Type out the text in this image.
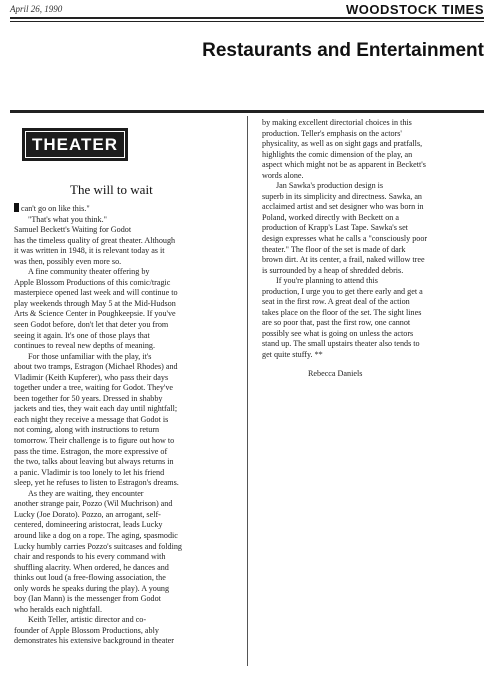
April 26, 1990	WOODSTOCK TIMES
Restaurants and Entertainment
THEATER
The will to wait
can't go on like this."
"That's what you think."
Samuel Beckett's Waiting for Godot
has the timeless quality of great theater. Although
it was written in 1948, it is relevant today as it
was then, possibly even more so.
A fine community theater offering by
Apple Blossom Productions of this comic/tragic
masterpiece opened last week and will continue to
play weekends through May 5 at the Mid-Hudson
Arts & Science Center in Poughkeepsie. If you've
seen Godot before, don't let that deter you from
seeing it again. It's one of those plays that
continues to reveal new depths of meaning.
For those unfamiliar with the play, it's
about two tramps, Estragon (Michael Rhodes) and
Vladimir (Keith Kupferer), who pass their days
together under a tree, waiting for Godot. They've
been together for 50 years. Dressed in shabby
jackets and ties, they wait each day until nightfall;
each night they receive a message that Godot is
not coming, along with instructions to return
tomorrow. Their challenge is to figure out how to
pass the time. Estragon, the more expressive of
the two, talks about leaving but always returns in
a panic. Vladimir is too lonely to let his friend
sleep, yet he refuses to listen to Estragon's dreams.
As they are waiting, they encounter
another strange pair, Pozzo (Wil Muchrison) and
Lucky (Joe Dorato). Pozzo, an arrogant, self-
centered, domineering aristocrat, leads Lucky
around like a dog on a rope. The aging, spasmodic
Lucky humbly carries Pozzo's suitcases and folding
chair and responds to his every command with
shuffling alacrity. When ordered, he dances and
thinks out loud (a free-flowing association, the
only words he speaks during the play). A young
boy (Ian Mann) is the messenger from Godot
who heralds each nightfall.
Keith Teller, artistic director and co-
founder of Apple Blossom Productions, ably
demonstrates his extensive background in theater
by making excellent directorial choices in this
production. Teller's emphasis on the actors'
physicality, as well as on sight gags and pratfalls,
highlights the comic dimension of the play, an
aspect which might not be as apparent in Beckett's
words alone.
Jan Sawka's production design is
superb in its simplicity and directness. Sawka, an
acclaimed artist and set designer who was born in
Poland, worked directly with Beckett on a
production of Krapp's Last Tape. Sawka's set
design expresses what he calls a "consciously poor
theater." The floor of the set is made of dark
brown dirt. At its center, a frail, naked willow tree
is surrounded by a heap of shredded debris.
If you're planning to attend this
production, I urge you to get there early and get a
seat in the first row. A great deal of the action
takes place on the floor of the set. The sight lines
are so poor that, past the first row, one cannot
possibly see what is going on unless the actors
stand up. The small upstairs theater also tends to
get quite stuffy. **
Rebecca Daniels
